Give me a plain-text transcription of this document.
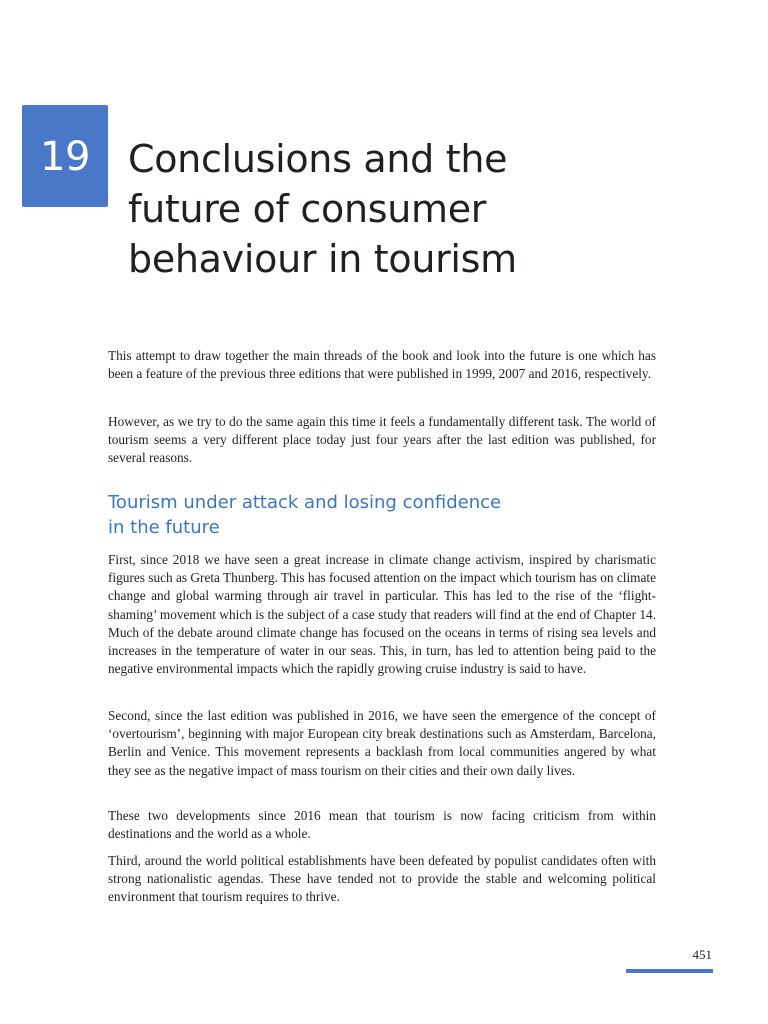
19	Conclusions and the
future of consumer
behaviour in tourism

This attempt to draw together the main threads of the book and look into the future is one which has been a feature of the previous three editions that were published in 1999, 2007 and 2016, respectively.

However, as we try to do the same again this time it feels a fundamentally different task. The world of tourism seems a very different place today just four years after the last edition was published, for several reasons.

Tourism under attack and losing confidence
in the future

First, since 2018 we have seen a great increase in climate change activism, inspired by charismatic figures such as Greta Thunberg. This has focused attention on the impact which tourism has on climate change and global warming through air travel in particular. This has led to the rise of the ‘flight-shaming’ movement which is the subject of a case study that readers will find at the end of Chapter 14. Much of the debate around climate change has focused on the oceans in terms of rising sea levels and increases in the temperature of water in our seas. This, in turn, has led to attention being paid to the negative environmental impacts which the rapidly growing cruise industry is said to have.

Second, since the last edition was published in 2016, we have seen the emergence of the concept of ‘overtourism’, beginning with major European city break destinations such as Amsterdam, Barcelona, Berlin and Venice. This movement represents a backlash from local communities angered by what they see as the negative impact of mass tourism on their cities and their own daily lives.

These two developments since 2016 mean that tourism is now facing criticism from within destinations and the world as a whole.

Third, around the world political establishments have been defeated by populist candidates often with strong nationalistic agendas. These have tended not to provide the stable and welcoming political environment that tourism requires to thrive.

451
